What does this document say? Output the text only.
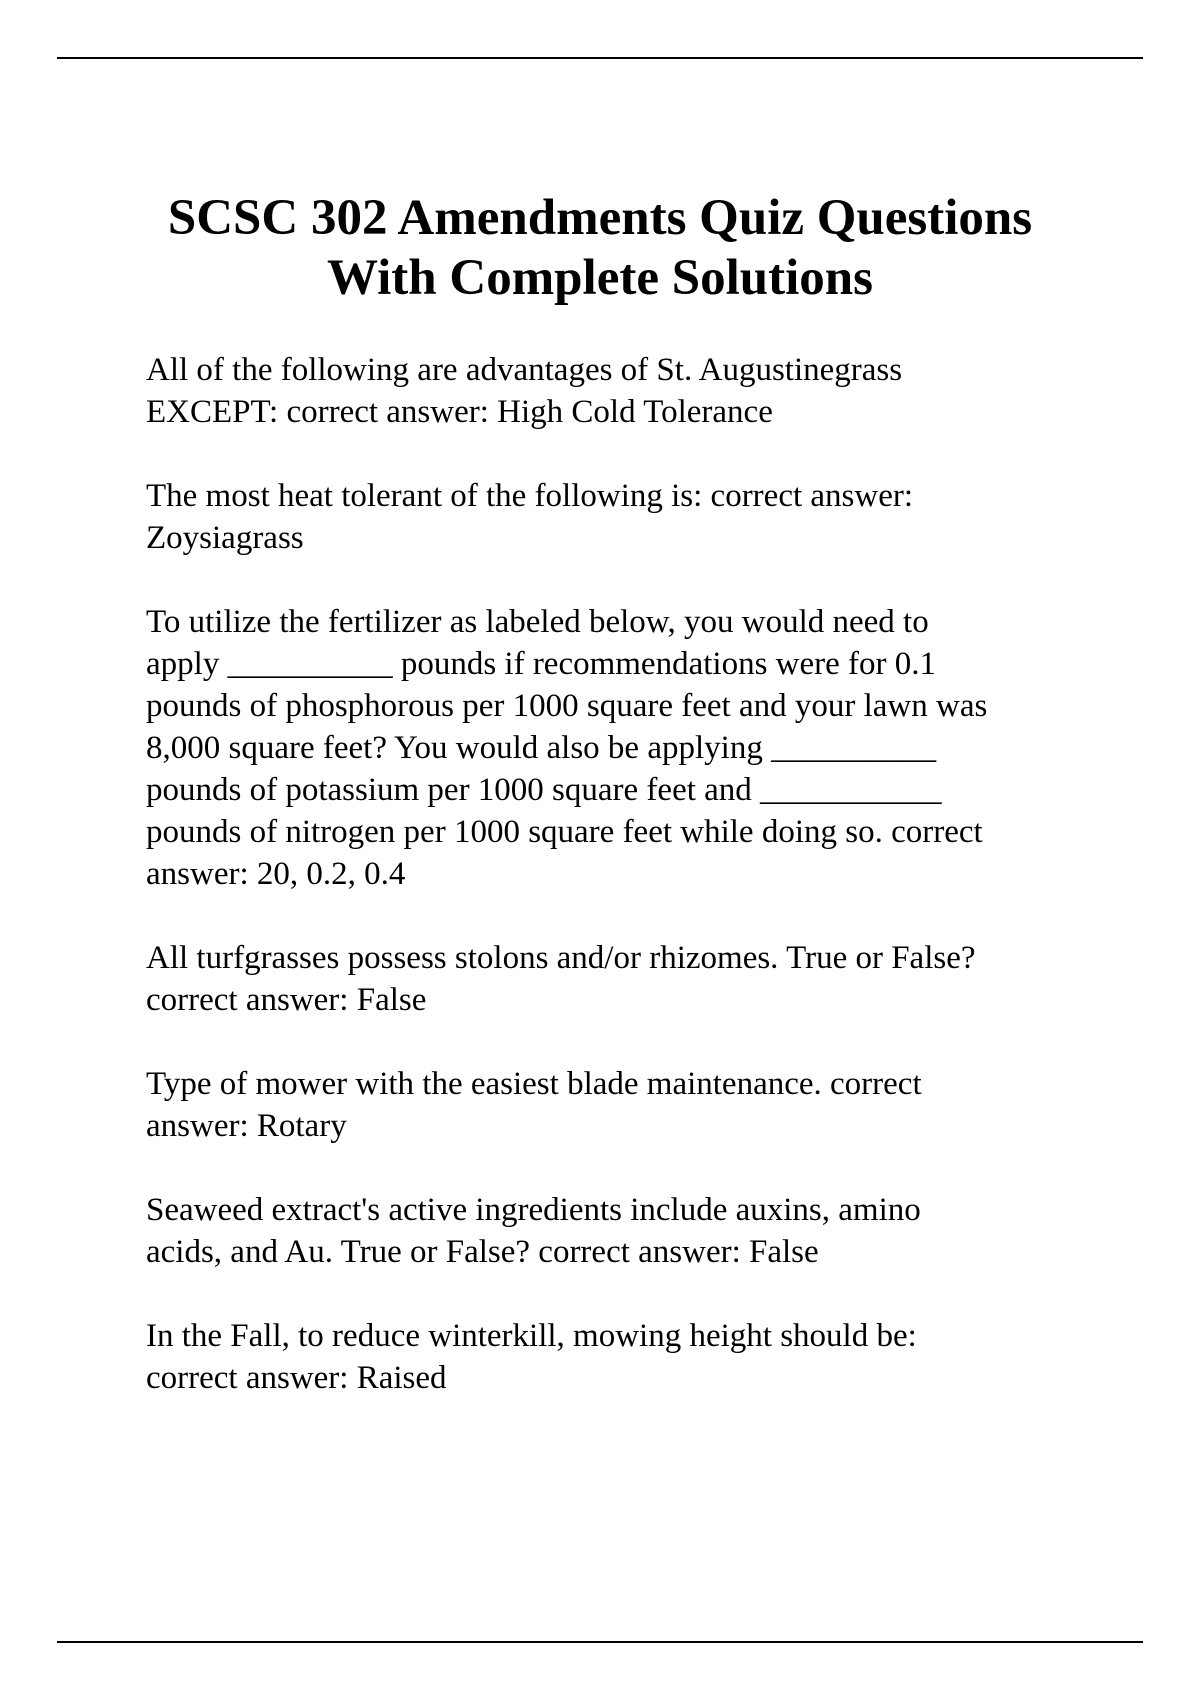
SCSC 302 Amendments Quiz Questions
With Complete Solutions
All of the following are advantages of St. Augustinegrass
EXCEPT: correct answer: High Cold Tolerance
The most heat tolerant of the following is: correct answer:
Zoysiagrass
To utilize the fertilizer as labeled below, you would need to
apply __________ pounds if recommendations were for 0.1
pounds of phosphorous per 1000 square feet and your lawn was
8,000 square feet? You would also be applying __________
pounds of potassium per 1000 square feet and ___________
pounds of nitrogen per 1000 square feet while doing so. correct
answer: 20, 0.2, 0.4
All turfgrasses possess stolons and/or rhizomes. True or False?
correct answer: False
Type of mower with the easiest blade maintenance. correct
answer: Rotary
Seaweed extract's active ingredients include auxins, amino
acids, and Au. True or False? correct answer: False
In the Fall, to reduce winterkill, mowing height should be:
correct answer: Raised
